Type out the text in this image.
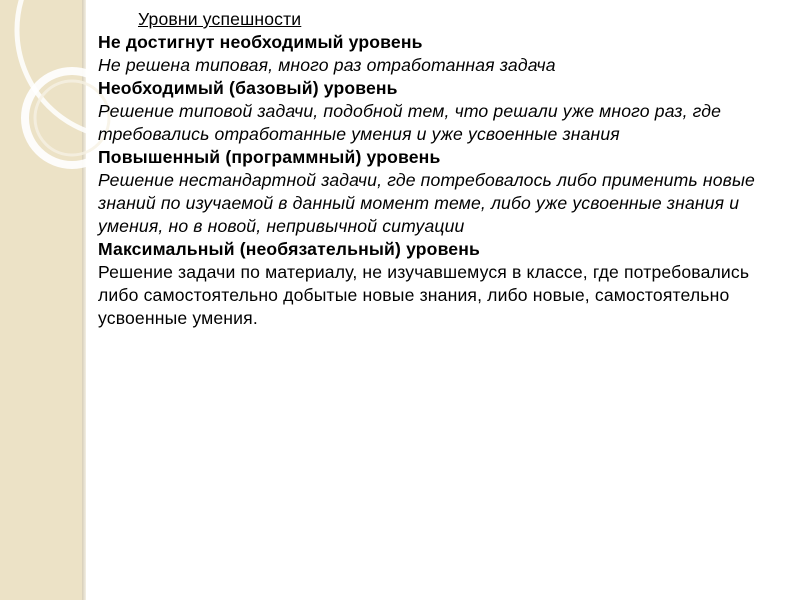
Уровни успешности

Не достигнут необходимый уровень

Не решена типовая, много раз отработанная задача

Необходимый (базовый) уровень

Решение типовой задачи, подобной тем, что решали уже много раз, где требовались отработанные умения и уже усвоенные знания

Повышенный (программный) уровень

Решение нестандартной задачи, где потребовалось либо применить новые знаний по изучаемой в данный момент теме, либо уже усвоенные знания и умения, но в новой, непривычной ситуации

Максимальный (необязательный) уровень

Решение задачи по материалу, не изучавшемуся в классе, где потребовались либо самостоятельно добытые новые знания, либо новые, самостоятельно усвоенные умения.
